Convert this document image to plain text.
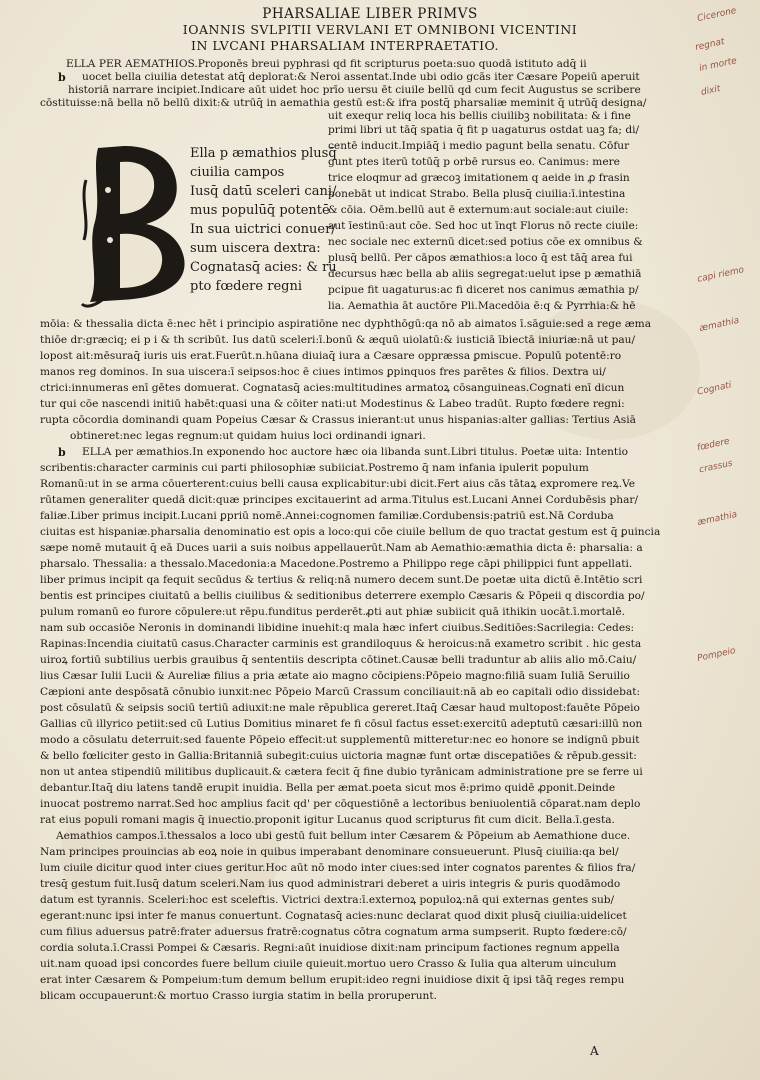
PHARSALIAE LIBER PRIMVS
IOANNIS SVLPITII VERVLANI ET OMNIBONI VICENTINI
IN LVCANI PHARSALIAM INTERPRAETATIO.
ELLA PER AEMATHIOS.Proponēs breui pyphrasi qd fit scripturus poeta:suo quodā istituto adq̄ ii
b uocet bella ciuilia detestat atq̄ deplorat:& Neroi assentat.Inde ubi odio gcās iter Cæsare Popeiū aperuit
historiā narrare incipiet.Indicare aūt uidet hoc prīo uersu ēt ciuile bellū qd cum fecit Augustus se scribere
cōstituisse:nā bella nō bellū dixit:& utrūq̄ in aemathia gestū est:& ifra postq̄ pharsaliæ meminit q̄ utrūq̄ designa/
uit exequr reliq loca his bellis ciuilibꝫ nobilitata: & i fine
Ella p æmathios plusq̄
ciuilia campos
Iusq̄ datū sceleri cani/
mus populūq̄ potentē
In sua uictrici conuer/
sum uiscera dextra:
Cognatasq̄ acies: & ru
pto fœdere regni
primi libri ut tāq̄ spatia q̄ fit p uagaturus ostdat uaꝫ fa; di/
centē inducit.Impiāq̄ i medio pagunt bella senatu. Cōfur
gunt ptes iterū totūq̄ p orbē rursus eo. Canimus: mere
trice eloqmur ad græcoꝫ imitationem q aeide in ꝓ frasin
ponebāt ut indicat Strabo. Bella plusq̄ ciuilia:ī.intestina
& cōia. Oēm.bellū aut ē externum:aut sociale:aut ciuile:
aut īestinū:aut cōe. Sed hoc ut īnqt Florus nō recte ciuile:
nec sociale nec externū dicet:sed potius cōe ex omnibus &
plusq̄ bellū. Per cāpos æmathios:a loco q̄ est tāq̄ area fui
decursus hæc bella ab aliis segregat:uelut ipse p æmathiā
pcipue fit uagaturus:ac fi diceret nos canimus æmathia p/
lia. Aemathia āt auctōre Pli.Macedōia ē:q & Pyrrhia:& hē
mōia: & thessalia dicta ē:nec hēt i principio aspiratiōne nec dyphthōgū:qa nō ab aimatos ī.sāguie:sed a rege æma
thiōe dr:græciq; ei p i & th scribūt. Ius datū sceleri:ī.bonū & æquū uiolatū:& iusticiā ībiectā iniuriæ:nā ut pau/
lopost ait:mēsuraq̄ iuris uis erat.Fuerūt.n.hūana diuiaq̄ iura a Cæsare oppræssa ꝑmiscue. Populū potentē:ro
manos reg dominos. In sua uiscera:ī seipsos:hoc ē ciues intimos ꝑpinquos fres parētes & filios. Dextra ui/
ctrici:innumeras enī gētes domuerat. Cognatasq̄ acies:multitudines armatoꝝ cōsanguineas.Cognati enī dicun
tur qui cōe nascendi initiū habēt:quasi una & cōiter nati:ut Modestinus & Labeo tradūt. Rupto fœdere regni:
rupta cōcordia dominandi quam Popeius Cæsar & Crassus inierant:ut unus hispanias:alter gallias: Tertius Asiā
obtineret:nec legas regnum:ut quidam huius loci ordinandi ignari.
b ELLA per æmathios.In exponendo hoc auctore hæc oia libanda sunt.Libri titulus. Poetæ uita: Intentio
scribentis:character carminis cui parti philosophiæ subiiciat.Postremo q̄ nam infania ipulerit populum
Romanū:ut in se arma cōuerterent:cuius belli causa explicabitur:ubi dicit.Fert aius cās tātaꝝ expromere reꝝ.Ve
rūtamen generaliter quedā dicit:quæ principes excitauerint ad arma.Titulus est.Lucani Annei Cordubēsis phar/
faliæ.Liber primus incipit.Lucani ꝑpriū nomē.Annei:cognomen familiæ.Cordubensis:patriū est.Nā Corduba
ciuitas est hispaniæ.pharsalia denominatio est opis a loco:qui cōe ciuile bellum de quo tractat gestum est q̄ ꝑuincia
sæpe nomē mutauit q̄ eā Duces uarii a suis noibus appellauerūt.Nam ab Aemathio:æmathia dicta ē: pharsalia: a
pharsalo. Thessalia: a thessalo.Macedonia:a Macedone.Postremo a Philippo rege cāpi philippici funt appellati.
liber primus incipit qa fequit secūdus & tertius & reliq:nā numero decem sunt.De poetæ uita dictū ē.Intētio scri
bentis est principes ciuitatū a bellis ciuilibus & seditionibus deterrere exemplo Cæsaris & Pōpeii q discordia po/
pulum romanū eo furore cōpulere:ut rēpu.funditus perderēt.ꝓti aut phiæ subiicit quā ithikin uocāt.ī.mortalē.
nam sub occasiōe Neronis in dominandi libidine inuehit:q mala hæc infert ciuibus.Seditiōes:Sacrilegia: Cedes:
Rapinas:Incendia ciuitatū casus.Character carminis est grandiloquus & heroicus:nā exametro scribit . hic gesta
uiroꝝ fortiū subtilius uerbis grauibus q̄ sententiis descripta cōtinet.Causæ belli traduntur ab aliis alio mō.Caiu/
lius Cæsar Iulii Lucii & Aureliæ filius a pria ætate aio magno cōcipiens:Pōpeio magno:filiā suam Iuliā Seruilio
Cæpioni ante despōsatā cōnubio iunxit:nec Pōpeio Marcū Crassum conciliauit:nā ab eo capitali odio dissidebat:
post cōsulatū & seipsis sociū tertiū adiuxit:ne male rēpublica gereret.Itaq̄ Cæsar haud multopost:fauēte Pōpeio
Gallias cū illyrico petiit:sed cū Lutius Domitius minaret fe fi cōsul factus esset:exercitū adeptutū cæsari:illū non
modo a cōsulatu deterruit:sed fauente Pōpeio effecit:ut supplementū mitteretur:nec eo honore se indignū pbuit
& bello fœliciter gesto in Gallia:Britanniā subegit:cuius uictoria magnæ funt ortæ discepatiōes & rēpub.gessit:
non ut antea stipendiū militibus duplicauit.& cætera fecit q̄ fine dubio tyrānicam administratione pre se ferre ui
debantur.Itaq̄ diu latens tandē erupit inuidia. Bella per æmat.poeta sicut mos ē:primo quidē ꝓponit.Deinde
inuocat postremo narrat.Sed hoc amplius facit qd' per cōquestiōnē a lectoribus beniuolentiā cōparat.nam deplo
rat eius populi romani magis q̄ inuectio.proponit igitur Lucanus quod scripturus fit cum dicit. Bella.ī.gesta.
Aemathios campos.ī.thessalos a loco ubi gestū fuit bellum inter Cæsarem & Pōpeium ab Aemathione duce.
Nam principes prouincias ab eoꝝ noie in quibus imperabant denominare consueuerunt. Plusq̄ ciuilia:qa bel/
lum ciuile dicitur quod inter ciues geritur.Hoc aūt nō modo inter ciues:sed inter cognatos parentes & filios fra/
tresq̄ gestum fuit.Iusq̄ datum sceleri.Nam ius quod administrari deberet a uiris integris & puris quodāmodo
datum est tyrannis. Sceleri:hoc est sceleftis. Victrici dextra:ī.externoꝝ populoꝝ:nā qui externas gentes sub/
egerant:nunc ipsi inter fe manus conuertunt. Cognatasq̄ acies:nunc declarat quod dixit plusq̄ ciuilia:uidelicet
cum filius aduersus patrē:frater aduersus fratrē:cognatus cōtra cognatum arma sumpserit. Rupto fœdere:cō/
cordia soluta.ī.Crassi Pompei & Cæsaris. Regni:aūt inuidiose dixit:nam principum factiones regnum appella
uit.nam quoad ipsi concordes fuere bellum ciuile quieuit.mortuo uero Crasso & Iulia qua alterum uinculum
erat inter Cæsarem & Pompeium:tum demum bellum erupit:ideo regni inuidiose dixit q̄ ipsi tāq̄ reges rempu
blicam occupauerunt:& mortuo Crasso iurgia statim in bella proruperunt.
A
Cicerone
regnat
in morte
dixit
capi riemo
æmathia
Cognati
fœdere
crassus
æmathia
Pompeio
